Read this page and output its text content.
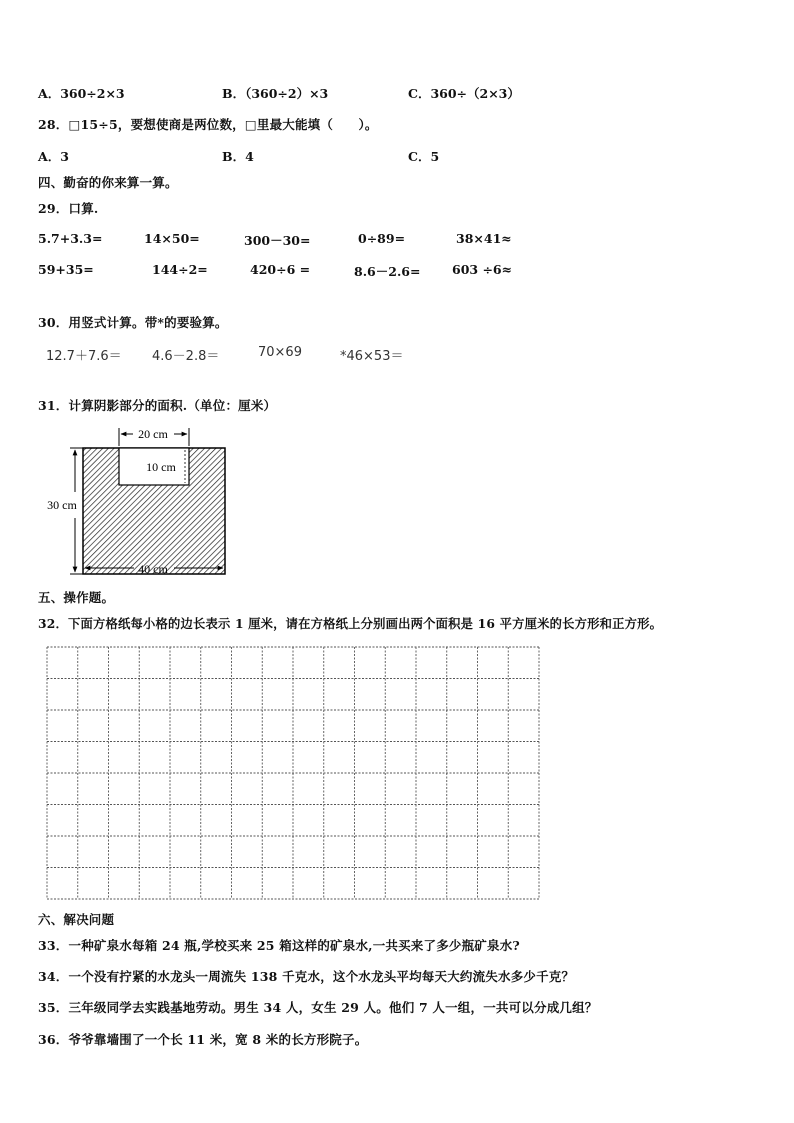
A．360÷2×3	B．（360÷2）×3	C．360÷（2×3）
28．□15÷5，要想使商是两位数，□里最大能填（　　）。
A．3	B．4	C．5
四、勤奋的你来算一算。
29．口算.
5.7+3.3=	14×50=	300－30=	0÷89=	38×41≈
59+35=	144÷2=	420÷6 =	8.6－2.6=	603 ÷6≈
30．用竖式计算。带*的要验算。
12.7＋7.6＝ 4.6－2.8＝	70×69	*46×53＝
31．计算阴影部分的面积.（单位：厘米）
20 cm
10 cm
30 cm
40 cm
五、操作题。
32．下面方格纸每小格的边长表示 1 厘米，请在方格纸上分别画出两个面积是 16 平方厘米的长方形和正方形。
六、解决问题
33．一种矿泉水每箱 24 瓶,学校买来 25 箱这样的矿泉水,一共买来了多少瓶矿泉水?
34．一个没有拧紧的水龙头一周流失 138 千克水，这个水龙头平均每天大约流失水多少千克？
35．三年级同学去实践基地劳动。男生 34 人，女生 29 人。他们 7 人一组，一共可以分成几组？
36．爷爷靠墙围了一个长 11 米，宽 8 米的长方形院子。
